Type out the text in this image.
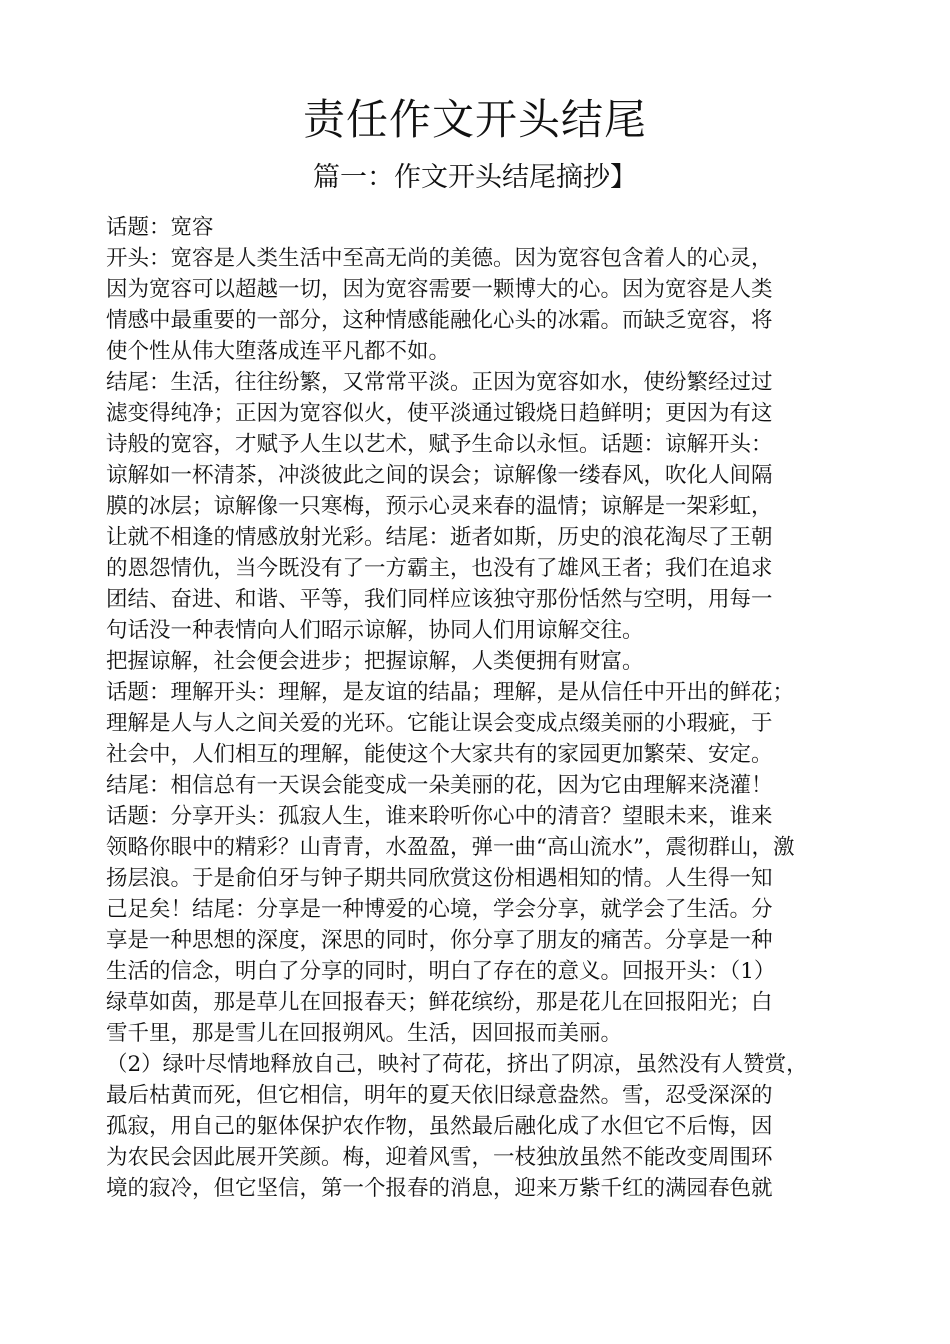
责任作文开头结尾
篇一：作文开头结尾摘抄】
话题：宽容
开头：宽容是人类生活中至高无尚的美德。因为宽容包含着人的心灵，
因为宽容可以超越一切，因为宽容需要一颗博大的心。因为宽容是人类
情感中最重要的一部分，这种情感能融化心头的冰霜。而缺乏宽容，将
使个性从伟大堕落成连平凡都不如。
结尾：生活，往往纷繁，又常常平淡。正因为宽容如水，使纷繁经过过
滤变得纯净；正因为宽容似火，使平淡通过锻烧日趋鲜明；更因为有这
诗般的宽容，才赋予人生以艺术，赋予生命以永恒。话题：谅解开头：
谅解如一杯清茶，冲淡彼此之间的误会；谅解像一缕春风，吹化人间隔
膜的冰层；谅解像一只寒梅，预示心灵来春的温情；谅解是一架彩虹，
让就不相逢的情感放射光彩。结尾：逝者如斯，历史的浪花淘尽了王朝
的恩怨情仇，当今既没有了一方霸主，也没有了雄风王者；我们在追求
团结、奋进、和谐、平等，我们同样应该独守那份恬然与空明，用每一
句话没一种表情向人们昭示谅解，协同人们用谅解交往。
把握谅解，社会便会进步；把握谅解，人类便拥有财富。
话题：理解开头：理解，是友谊的结晶；理解，是从信任中开出的鲜花；
理解是人与人之间关爱的光环。它能让误会变成点缀美丽的小瑕疵，于
社会中，人们相互的理解，能使这个大家共有的家园更加繁荣、安定。
结尾：相信总有一天误会能变成一朵美丽的花，因为它由理解来浇灌！
话题：分享开头：孤寂人生，谁来聆听你心中的清音？望眼未来，谁来
领略你眼中的精彩？山青青，水盈盈，弹一曲“高山流水”，震彻群山，激
扬层浪。于是俞伯牙与钟子期共同欣赏这份相遇相知的情。人生得一知
己足矣！结尾：分享是一种博爱的心境，学会分享，就学会了生活。分
享是一种思想的深度，深思的同时，你分享了朋友的痛苦。分享是一种
生活的信念，明白了分享的同时，明白了存在的意义。回报开头：（1）
绿草如茵，那是草儿在回报春天；鲜花缤纷，那是花儿在回报阳光；白
雪千里，那是雪儿在回报朔风。生活，因回报而美丽。
（2）绿叶尽情地释放自己，映衬了荷花，挤出了阴凉，虽然没有人赞赏，
最后枯黄而死，但它相信，明年的夏天依旧绿意盎然。雪，忍受深深的
孤寂，用自己的躯体保护农作物，虽然最后融化成了水但它不后悔，因
为农民会因此展开笑颜。梅，迎着风雪，一枝独放虽然不能改变周围环
境的寂冷，但它坚信，第一个报春的消息，迎来万紫千红的满园春色就
